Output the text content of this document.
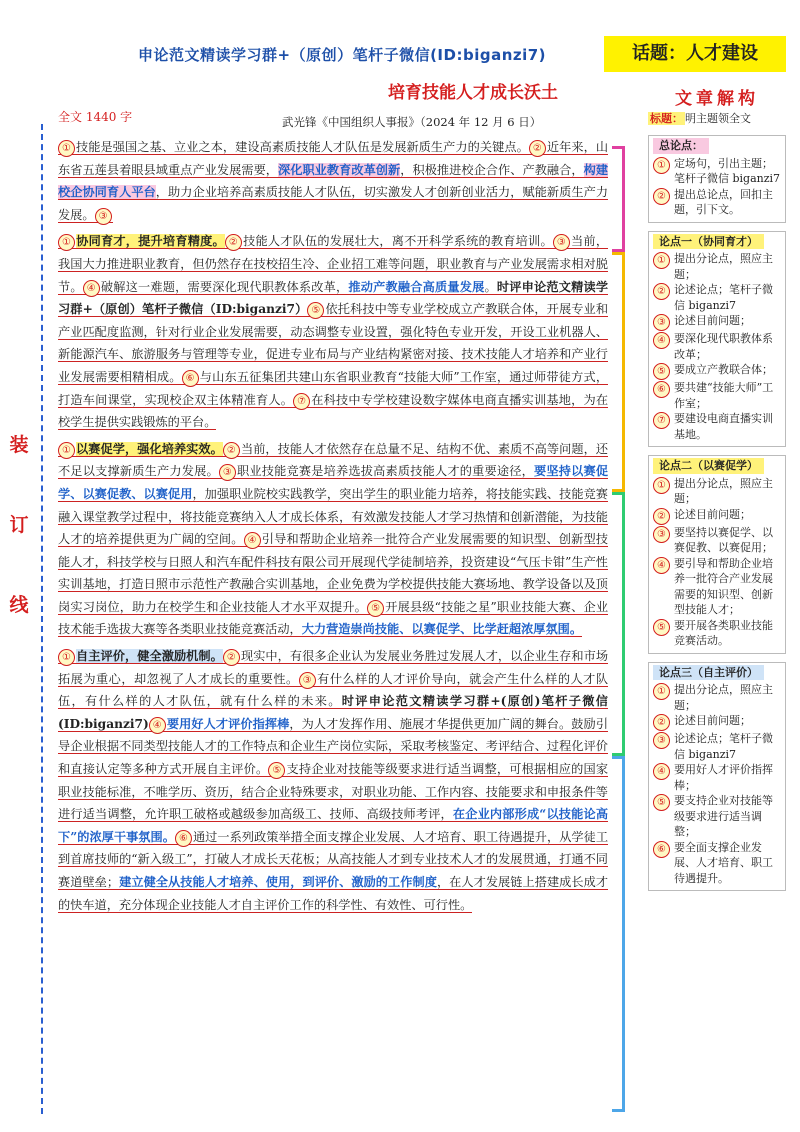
申论范文精读学习群+（原创）笔杆子微信(ID:biganzi7)	话题：人才建设
培育技能人才成长沃土
全文 1440 字	武光锋《中国组织人事报》（2024 年 12 月 6 日）
装
订
线

① 技能是强国之基、立业之本，建设高素质技能人才队伍是发展新质生产力的关键点。 ② 近年来，山东省五莲县着眼县域重点产业发展需要，深化职业教育改革创新，积极推进校企合作、产教融合，构建校企协同育人平台，助力企业培养高素质技能人才队伍，切实激发人才创新创业活力，赋能新质生产力发展。 ③

① 协同育才，提升培育精度。 ② 技能人才队伍的发展壮大，离不开科学系统的教育培训。 ③ 当前，我国大力推进职业教育，但仍然存在技校招生冷、企业招工难等问题，职业教育与产业发展需求相对脱节。 ④ 破解这一难题，需要深化现代职教体系改革，推动产教融合高质量发展。时评申论范文精读学习群+（原创）笔杆子微信（ID:biganzi7） ⑤ 依托科技中等专业学校成立产教联合体，开展专业和产业匹配度监测，针对行业企业发展需要，动态调整专业设置，强化特色专业开发，开设工业机器人、新能源汽车、旅游服务与管理等专业，促进专业布局与产业结构紧密对接、技术技能人才培养和产业行业发展需要相精相成。 ⑥ 与山东五征集团共建山东省职业教育“技能大师”工作室，通过师带徒方式，打造车间课堂，实现校企双主体精准育人。 ⑦ 在科技中专学校建设数字媒体电商直播实训基地，为在校学生提供实践锻炼的平台。

① 以赛促学，强化培养实效。 ② 当前，技能人才依然存在总量不足、结构不优、素质不高等问题，还不足以支撑新质生产力发展。 ③ 职业技能竞赛是培养选拔高素质技能人才的重要途径，要坚持以赛促学、以赛促教、以赛促用，加强职业院校实践教学，突出学生的职业能力培养，将技能实践、技能竞赛融入课堂教学过程中，将技能竞赛纳入人才成长体系，有效激发技能人才学习热情和创新潜能，为技能人才的培养提供更为广阔的空间。 ④ 引导和帮助企业培养一批符合产业发展需要的知识型、创新型技能人才，科技学校与日照人和汽车配件科技有限公司开展现代学徒制培养，投资建设“气压卡钳”生产性实训基地，打造日照市示范性产教融合实训基地，企业免费为学校提供技能大赛场地、教学设备以及顶岗实习岗位，助力在校学生和企业技能人才水平双提升。 ⑤ 开展县级“技能之星”职业技能大赛、企业技术能手选拔大赛等各类职业技能竞赛活动，大力营造崇尚技能、以赛促学、比学赶超浓厚氛围。

① 自主评价，健全激励机制。 ② 现实中，有很多企业认为发展业务胜过发展人才，以企业生存和市场拓展为重心，却忽视了人才成长的重要性。 ③ 有什么样的人才评价导向，就会产生什么样的人才队伍，有什么样的人才队伍，就有什么样的未来。时评申论范文精读学习群+(原创)笔杆子微信(ID:biganzi7) ④ 要用好人才评价指挥棒，为人才发挥作用、施展才华提供更加广阔的舞台。鼓励引导企业根据不同类型技能人才的工作特点和企业生产岗位实际，采取考核鉴定、考评结合、过程化评价和直接认定等多种方式开展自主评价。 ⑤ 支持企业对技能等级要求进行适当调整，可根据相应的国家职业技能标准，不唯学历、资历，结合企业特殊要求，对职业功能、工作内容、技能要求和申报条件等进行适当调整，允许职工破格或越级参加高级工、技师、高级技师考评，在企业内部形成“以技能论高下”的浓厚干事氛围。 ⑥ 通过一系列政策举措全面支撑企业发展、人才培育、职工待遇提升，从学徒工到首席技师的“新入级工”，打破人才成长天花板；从高技能人才到专业技术人才的发展贯通，打通不同赛道壁垒；建立健全从技能人才培养、使用，到评价、激励的工作制度，在人才发展链上搭建成长成才的快车道，充分体现企业技能人才自主评价工作的科学性、有效性、可行性。

文章解构
标题： 明主题领全文
总论点：
① 定场句，引出主题；笔杆子微信 biganzi7
② 提出总论点，回扣主题，引下文。
论点一（协同育才）
① 提出分论点，照应主题；
② 论述论点；笔杆子微信 biganzi7
③ 论述目前问题；
④ 要深化现代职教体系改革；
⑤ 要成立产教联合体；
⑥ 要共建“技能大师”工作室；
⑦ 要建设电商直播实训基地。
论点二（以赛促学）
① 提出分论点，照应主题；
② 论述目前问题；
③ 要坚持以赛促学、以赛促教、以赛促用；
④ 要引导和帮助企业培养一批符合产业发展需要的知识型、创新型技能人才；
⑤ 要开展各类职业技能竞赛活动。
论点三（自主评价）
① 提出分论点，照应主题；
② 论述目前问题；
③ 论述论点；笔杆子微信 biganzi7
④ 要用好人才评价指挥棒；
⑤ 要支持企业对技能等级要求进行适当调整；
⑥ 要全面支撑企业发展、人才培育、职工待遇提升。
